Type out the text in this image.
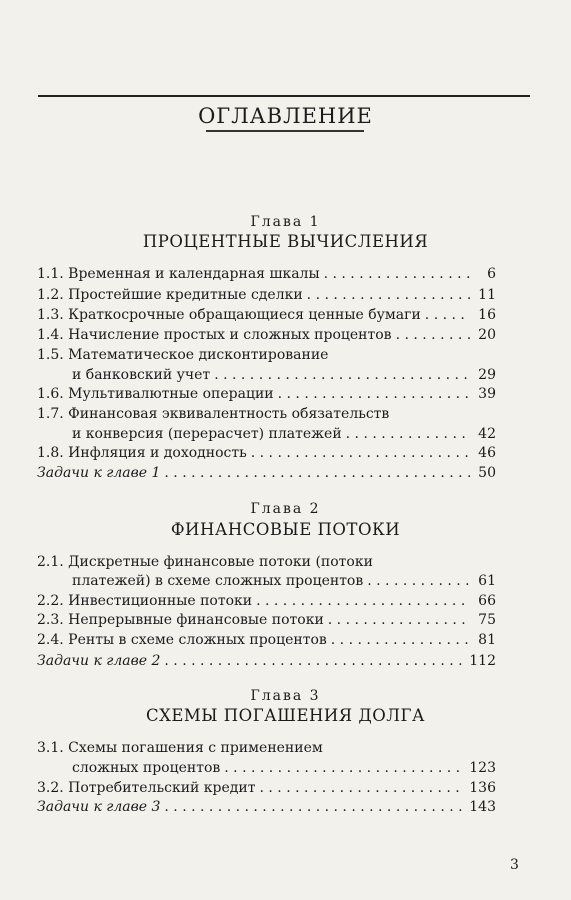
ОГЛАВЛЕНИЕ
Глава 1
ПРОЦЕНТНЫЕ ВЫЧИСЛЕНИЯ
1.1. Временная и календарная шкалы . . .	6
1.2. Простейшие кредитные сделки . . .	11
1.3. Краткосрочные обращающиеся ценные бумаги . . .	16
1.4. Начисление простых и сложных процентов . . .	20
1.5. Математическое дисконтирование
и банковский учет . . .	29
1.6. Мультивалютные операции . . .	39
1.7. Финансовая эквивалентность обязательств
и конверсия (перерасчет) платежей . . .	42
1.8. Инфляция и доходность . . .	46
Задачи к главе 1 . . .	50
Глава 2
ФИНАНСОВЫЕ ПОТОКИ
2.1. Дискретные финансовые потоки (потоки
платежей) в схеме сложных процентов . . .	61
2.2. Инвестиционные потоки . . .	66
2.3. Непрерывные финансовые потоки . . .	75
2.4. Ренты в схеме сложных процентов . . .	81
Задачи к главе 2 . . .	112
Глава 3
СХЕМЫ ПОГАШЕНИЯ ДОЛГА
3.1. Схемы погашения с применением
сложных процентов . . .	123
3.2. Потребительский кредит . . .	136
Задачи к главе 3 . . .	143
3
